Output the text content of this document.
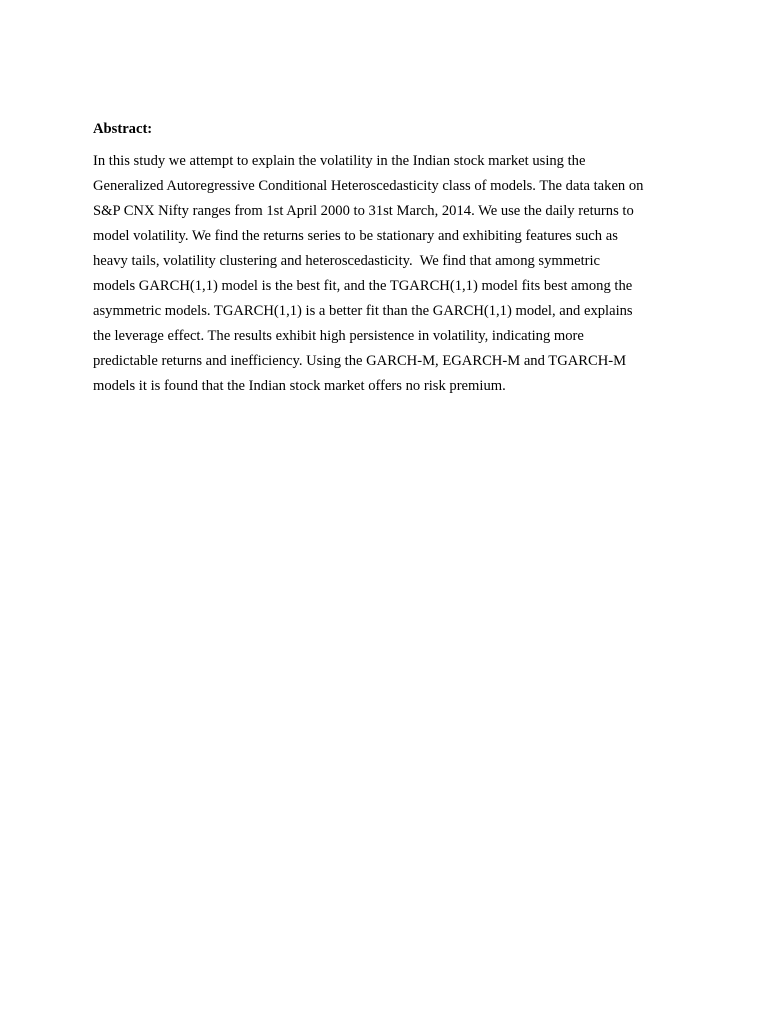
Abstract:
In this study we attempt to explain the volatility in the Indian stock market using the
Generalized Autoregressive Conditional Heteroscedasticity class of models. The data taken on
S&P CNX Nifty ranges from 1st April 2000 to 31st March, 2014. We use the daily returns to
model volatility. We find the returns series to be stationary and exhibiting features such as
heavy tails, volatility clustering and heteroscedasticity.  We find that among symmetric
models GARCH(1,1) model is the best fit, and the TGARCH(1,1) model fits best among the
asymmetric models. TGARCH(1,1) is a better fit than the GARCH(1,1) model, and explains
the leverage effect. The results exhibit high persistence in volatility, indicating more
predictable returns and inefficiency. Using the GARCH-M, EGARCH-M and TGARCH-M
models it is found that the Indian stock market offers no risk premium.
